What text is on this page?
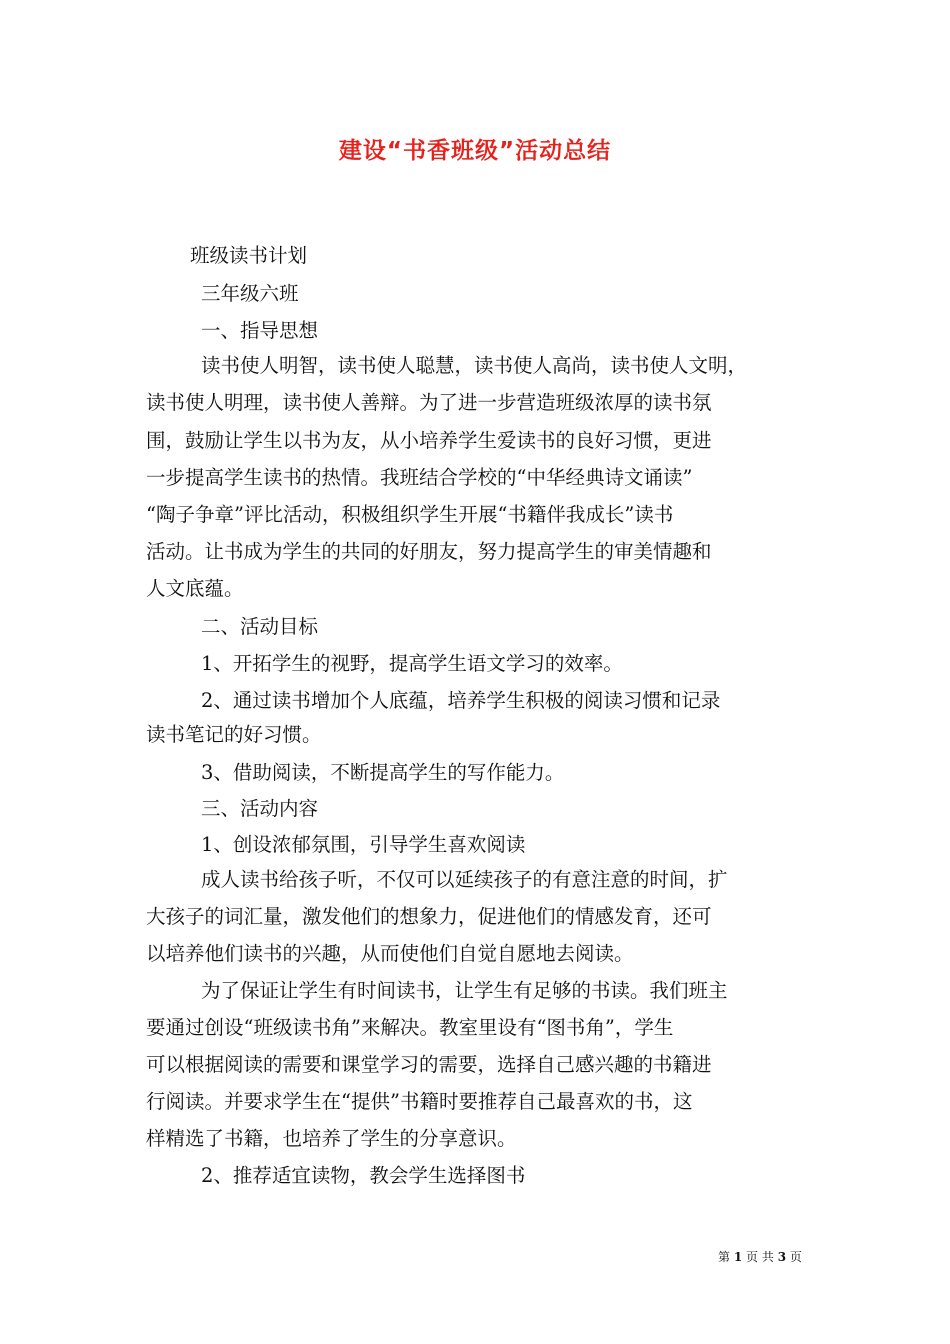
建设“书香班级”活动总结
班级读书计划
三年级六班
一、指导思想
读书使人明智，读书使人聪慧，读书使人高尚，读书使人文明，
读书使人明理，读书使人善辩。为了进一步营造班级浓厚的读书氛
围，鼓励让学生以书为友，从小培养学生爱读书的良好习惯，更进
一步提高学生读书的热情。我班结合学校的“中华经典诗文诵读”
“陶子争章”评比活动，积极组织学生开展“书籍伴我成长”读书
活动。让书成为学生的共同的好朋友，努力提高学生的审美情趣和
人文底蕴。
二、活动目标
1、开拓学生的视野，提高学生语文学习的效率。
2、通过读书增加个人底蕴，培养学生积极的阅读习惯和记录
读书笔记的好习惯。
3、借助阅读，不断提高学生的写作能力。
三、活动内容
1、创设浓郁氛围，引导学生喜欢阅读
成人读书给孩子听，不仅可以延续孩子的有意注意的时间，扩
大孩子的词汇量，激发他们的想象力，促进他们的情感发育，还可
以培养他们读书的兴趣，从而使他们自觉自愿地去阅读。
为了保证让学生有时间读书，让学生有足够的书读。我们班主
要通过创设“班级读书角”来解决。教室里设有“图书角”，学生
可以根据阅读的需要和课堂学习的需要，选择自己感兴趣的书籍进
行阅读。并要求学生在“提供”书籍时要推荐自己最喜欢的书，这
样精选了书籍，也培养了学生的分享意识。
2、推荐适宜读物，教会学生选择图书
第 1 页 共 3 页
